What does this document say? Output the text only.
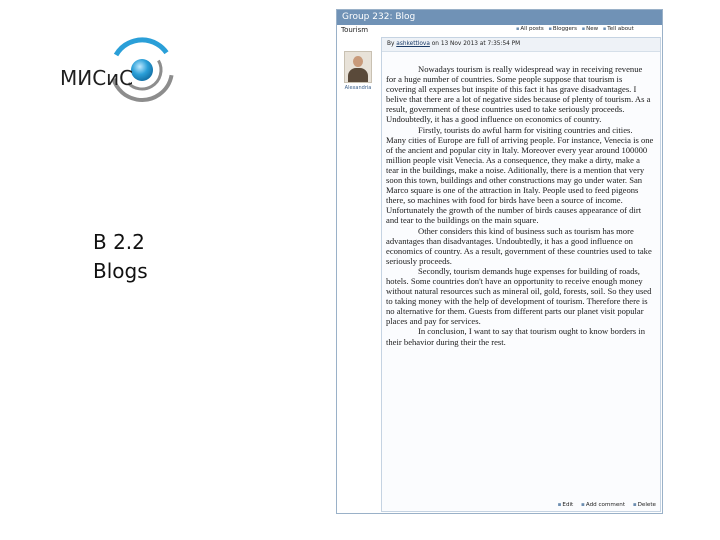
МИСиС
B 2.2
Blogs
Group 232: Blog
Tourism	▪ All posts ▪ Bloggers ▪ New ▪ Tell about
Alexandria
By ashkettlova on 13 Nov 2013 at 7:35:54 PM

Nowadays tourism is really widespread way in receiving revenue for a huge number of countries. Some people suppose that tourism is covering all expenses but inspite of this fact it has grave disadvantages. I belive that there are a lot of negative sides because of plenty of tourism. As a result, government of these countries used to take seriously proceeds. Undoubtedly, it has a good influence on economics of country.

Firstly, tourists do awful harm for visiting countries and cities. Many cities of Europe are full of arriving people. For instance, Venecia is one of the ancient and popular city in Italy. Moreover every year around 100000 million people visit Venecia. As a consequence, they make a dirty, make a tear in the buildings, make a noise. Aditionally, there is a mention that very soon this town, buildings and other constructions may go under water. San Marco square is one of the attraction in Italy. People used to feed pigeons there, so machines with food for birds have been a source of income. Unfortunately the growth of the number of birds causes appearance of dirt and tear to the buildings on the main square.

Other considers this kind of business such as tourism has more advantages than disadvantages. Undoubtedly, it has a good influence on economics of country. As a result, government of these countries used to take seriously proceeds.

Secondly, tourism demands huge expenses for building of roads, hotels. Some countries don't have an opportunity to receive enough money without natural resources such as mineral oil, gold, forests, soil. So they used to taking money with the help of development of tourism. Therefore there is no alternative for them. Guests from different parts our planet visit popular places and pay for services.

In conclusion, I want to say that tourism ought to know borders in their behavior during their the rest.

▪ Edit ▪ Add comment ▪ Delete
